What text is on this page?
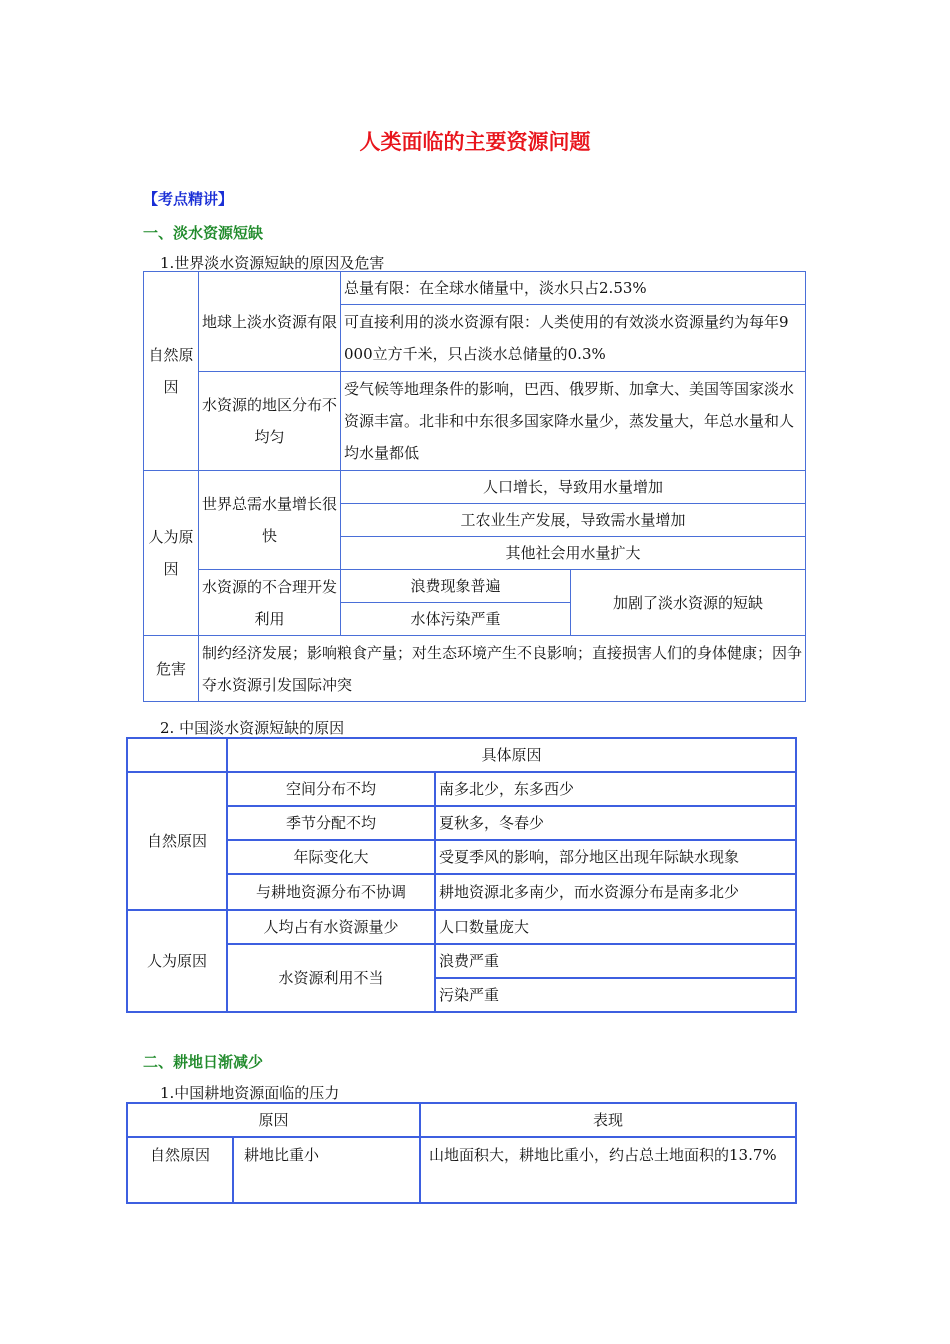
人类面临的主要资源问题
【考点精讲】
一、淡水资源短缺
1.世界淡水资源短缺的原因及危害
自然原因	地球上淡水资源有限	总量有限：在全球水储量中，淡水只占2.53%	
		可直接利用的淡水资源有限：人类使用的有效淡水资源量约为每年9 000立方千米，只占淡水总储量的0.3%	
	水资源的地区分布不均匀	受气候等地理条件的影响，巴西、俄罗斯、加拿大、美国等国家淡水资源丰富。北非和中东很多国家降水量少，蒸发量大，年总水量和人均水量都低	
人为原因	世界总需水量增长很快	人口增长，导致用水量增加	
		工农业生产发展，导致需水量增加	
		其他社会用水量扩大	
	水资源的不合理开发利用	浪费现象普遍	加剧了淡水资源的短缺
		水体污染严重	
危害	制约经济发展；影响粮食产量；对生态环境产生不良影响；直接损害人们的身体健康；因争夺水资源引发国际冲突		
2. 中国淡水资源短缺的原因
	具体原因	
自然原因	空间分布不均	南多北少，东多西少
	季节分配不均	夏秋多，冬春少
	年际变化大	受夏季风的影响，部分地区出现年际缺水现象
	与耕地资源分布不协调	耕地资源北多南少，而水资源分布是南多北少
人为原因	人均占有水资源量少	人口数量庞大
	水资源利用不当	浪费严重
		污染严重
二、耕地日渐减少
1.中国耕地资源面临的压力
原因		表现
自然原因	耕地比重小	山地面积大，耕地比重小，约占总土地面积的13.7%
